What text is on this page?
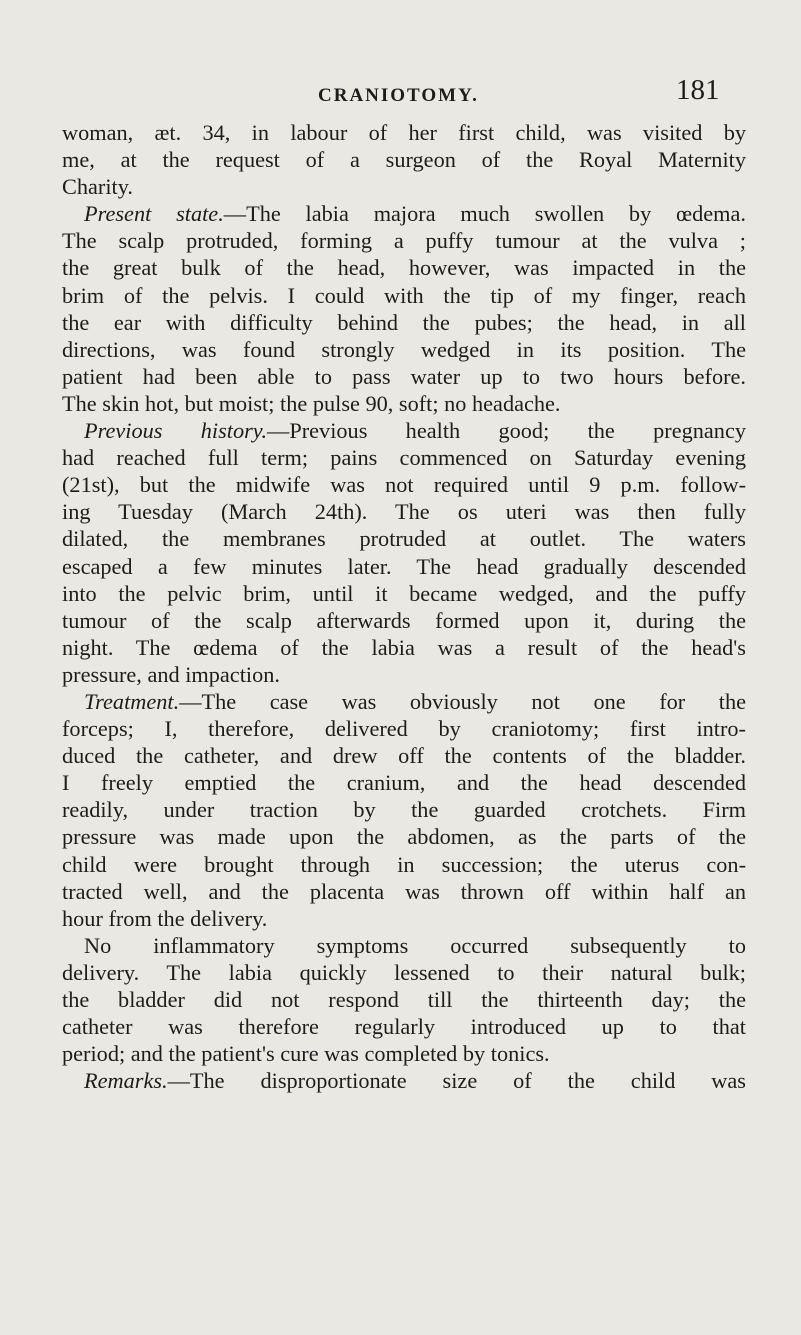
CRANIOTOMY.	181
woman, æt. 34, in labour of her first child, was visited by
me, at the request of a surgeon of the Royal Maternity
Charity.
Present state.—The labia majora much swollen by œdema.
The scalp protruded, forming a puffy tumour at the vulva ;
the great bulk of the head, however, was impacted in the
brim of the pelvis. I could with the tip of my finger, reach
the ear with difficulty behind the pubes; the head, in all
directions, was found strongly wedged in its position. The
patient had been able to pass water up to two hours before.
The skin hot, but moist; the pulse 90, soft; no headache.
Previous history.—Previous health good; the pregnancy
had reached full term; pains commenced on Saturday evening
(21st), but the midwife was not required until 9 p.m. follow-
ing Tuesday (March 24th). The os uteri was then fully
dilated, the membranes protruded at outlet. The waters
escaped a few minutes later. The head gradually descended
into the pelvic brim, until it became wedged, and the puffy
tumour of the scalp afterwards formed upon it, during the
night. The œdema of the labia was a result of the head's
pressure, and impaction.
Treatment.—The case was obviously not one for the
forceps; I, therefore, delivered by craniotomy; first intro-
duced the catheter, and drew off the contents of the bladder.
I freely emptied the cranium, and the head descended
readily, under traction by the guarded crotchets. Firm
pressure was made upon the abdomen, as the parts of the
child were brought through in succession; the uterus con-
tracted well, and the placenta was thrown off within half an
hour from the delivery.
No inflammatory symptoms occurred subsequently to
delivery. The labia quickly lessened to their natural bulk;
the bladder did not respond till the thirteenth day; the
catheter was therefore regularly introduced up to that
period; and the patient's cure was completed by tonics.
Remarks.—The disproportionate size of the child was
